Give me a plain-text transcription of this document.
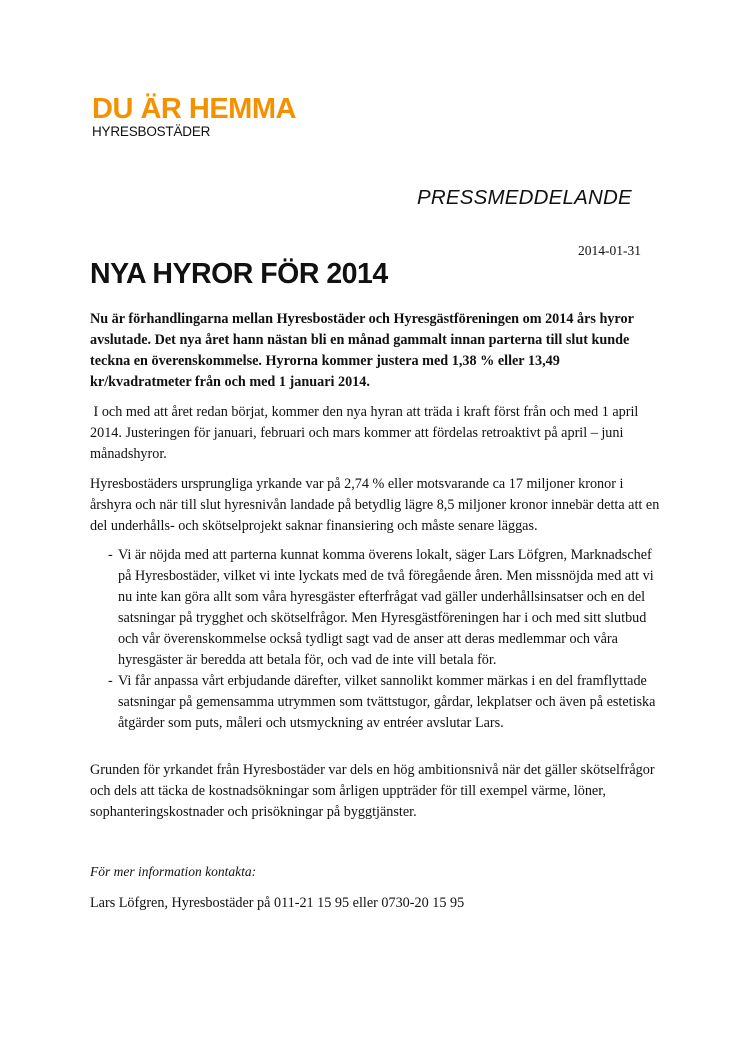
DU ÄR HEMMA
HYRESBOSTÄDER
PRESSMEDDELANDE
2014-01-31
NYA HYROR FÖR 2014

Nu är förhandlingarna mellan Hyresbostäder och Hyresgästföreningen om 2014 års hyror avslutade. Det nya året hann nästan bli en månad gammalt innan parterna till slut kunde teckna en överenskommelse. Hyrorna kommer justera med 1,38 % eller 13,49 kr/kvadratmeter från och med 1 januari 2014.

I och med att året redan börjat, kommer den nya hyran att träda i kraft först från och med 1 april 2014. Justeringen för januari, februari och mars kommer att fördelas retroaktivt på april – juni månadshyror.

Hyresbostäders ursprungliga yrkande var på 2,74 % eller motsvarande ca 17 miljoner kronor i årshyra och när till slut hyresnivån landade på betydlig lägre 8,5 miljoner kronor innebär detta att en del underhålls- och skötselprojekt saknar finansiering och måste senare läggas.

- Vi är nöjda med att parterna kunnat komma överens lokalt, säger Lars Löfgren, Marknadschef på Hyresbostäder, vilket vi inte lyckats med de två föregående åren. Men missnöjda med att vi nu inte kan göra allt som våra hyresgäster efterfrågat vad gäller underhållsinsatser och en del satsningar på trygghet och skötselfrågor. Men Hyresgästföreningen har i och med sitt slutbud och vår överenskommelse också tydligt sagt vad de anser att deras medlemmar och våra hyresgäster är beredda att betala för, och vad de inte vill betala för.

- Vi får anpassa vårt erbjudande därefter, vilket sannolikt kommer märkas i en del framflyttade satsningar på gemensamma utrymmen som tvättstugor, gårdar, lekplatser och även på estetiska åtgärder som puts, måleri och utsmyckning av entréer avslutar Lars.

Grunden för yrkandet från Hyresbostäder var dels en hög ambitionsnivå när det gäller skötselfrågor och dels att täcka de kostnadsökningar som årligen uppträder för till exempel värme, löner, sophanteringskostnader och prisökningar på byggtjänster.

För mer information kontakta:
Lars Löfgren, Hyresbostäder på 011-21 15 95 eller 0730-20 15 95
